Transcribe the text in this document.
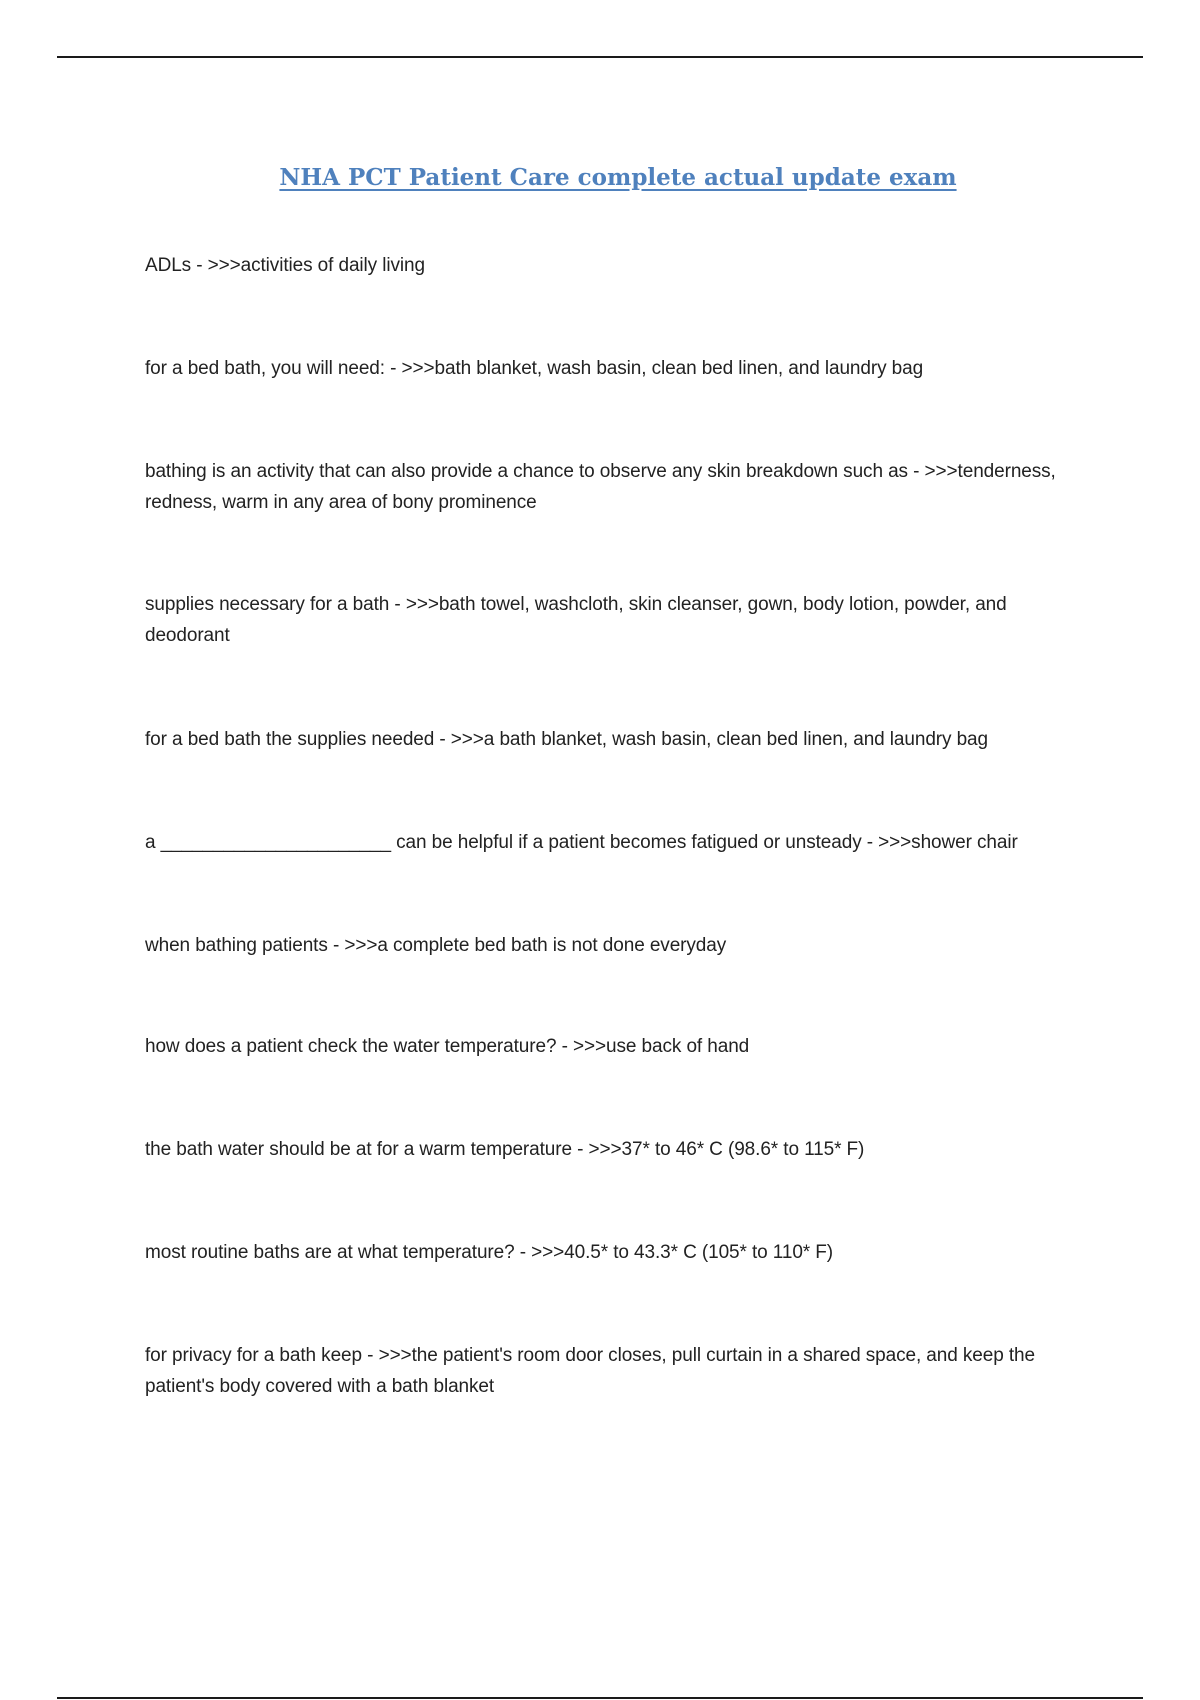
NHA PCT Patient Care complete actual update exam

ADLs - >>>activities of daily living

for a bed bath, you will need: - >>>bath blanket, wash basin, clean bed linen, and laundry bag

bathing is an activity that can also provide a chance to observe any skin breakdown such as - >>>tenderness, redness, warm in any area of bony prominence

supplies necessary for a bath - >>>bath towel, washcloth, skin cleanser, gown, body lotion, powder, and deodorant

for a bed bath the supplies needed - >>>a bath blanket, wash basin, clean bed linen, and laundry bag

a ______________________ can be helpful if a patient becomes fatigued or unsteady - >>>shower chair

when bathing patients - >>>a complete bed bath is not done everyday

how does a patient check the water temperature? - >>>use back of hand

the bath water should be at for a warm temperature - >>>37* to 46* C (98.6* to 115* F)

most routine baths are at what temperature? - >>>40.5* to 43.3* C (105* to 110* F)

for privacy for a bath keep - >>>the patient's room door closes, pull curtain in a shared space, and keep the patient's body covered with a bath blanket
